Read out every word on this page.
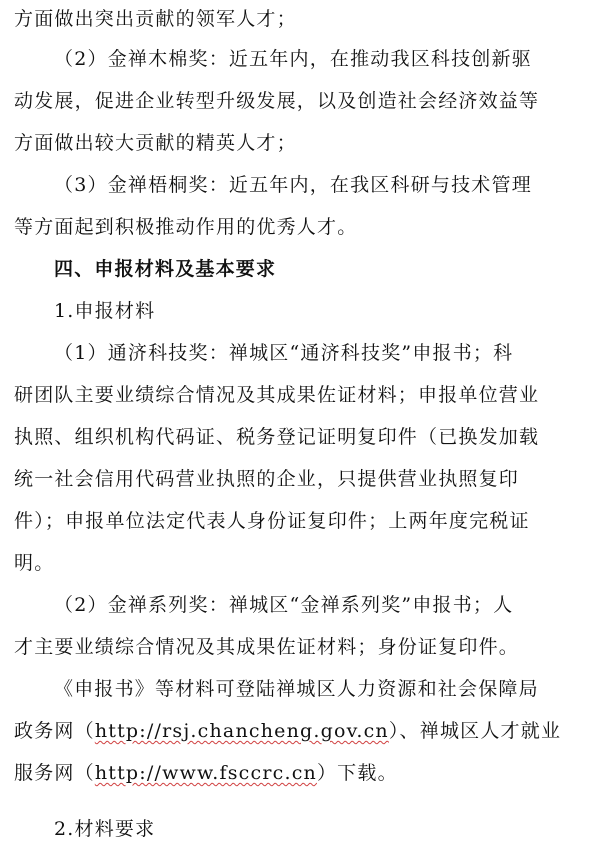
方面做出突出贡献的领军人才；
（2）金禅木棉奖：近五年内，在推动我区科技创新驱
动发展，促进企业转型升级发展，以及创造社会经济效益等
方面做出较大贡献的精英人才；
（3）金禅梧桐奖：近五年内，在我区科研与技术管理
等方面起到积极推动作用的优秀人才。
四、申报材料及基本要求
1.申报材料
（1）通济科技奖：禅城区“通济科技奖”申报书；科
研团队主要业绩综合情况及其成果佐证材料；申报单位营业
执照、组织机构代码证、税务登记证明复印件（已换发加载
统一社会信用代码营业执照的企业，只提供营业执照复印
件）；申报单位法定代表人身份证复印件；上两年度完税证
明。
（2）金禅系列奖：禅城区“金禅系列奖”申报书；人
才主要业绩综合情况及其成果佐证材料；身份证复印件。
《申报书》等材料可登陆禅城区人力资源和社会保障局
政务网（http://rsj.chancheng.gov.cn）、禅城区人才就业
服务网（http://www.fsccrc.cn）下载。
2.材料要求
